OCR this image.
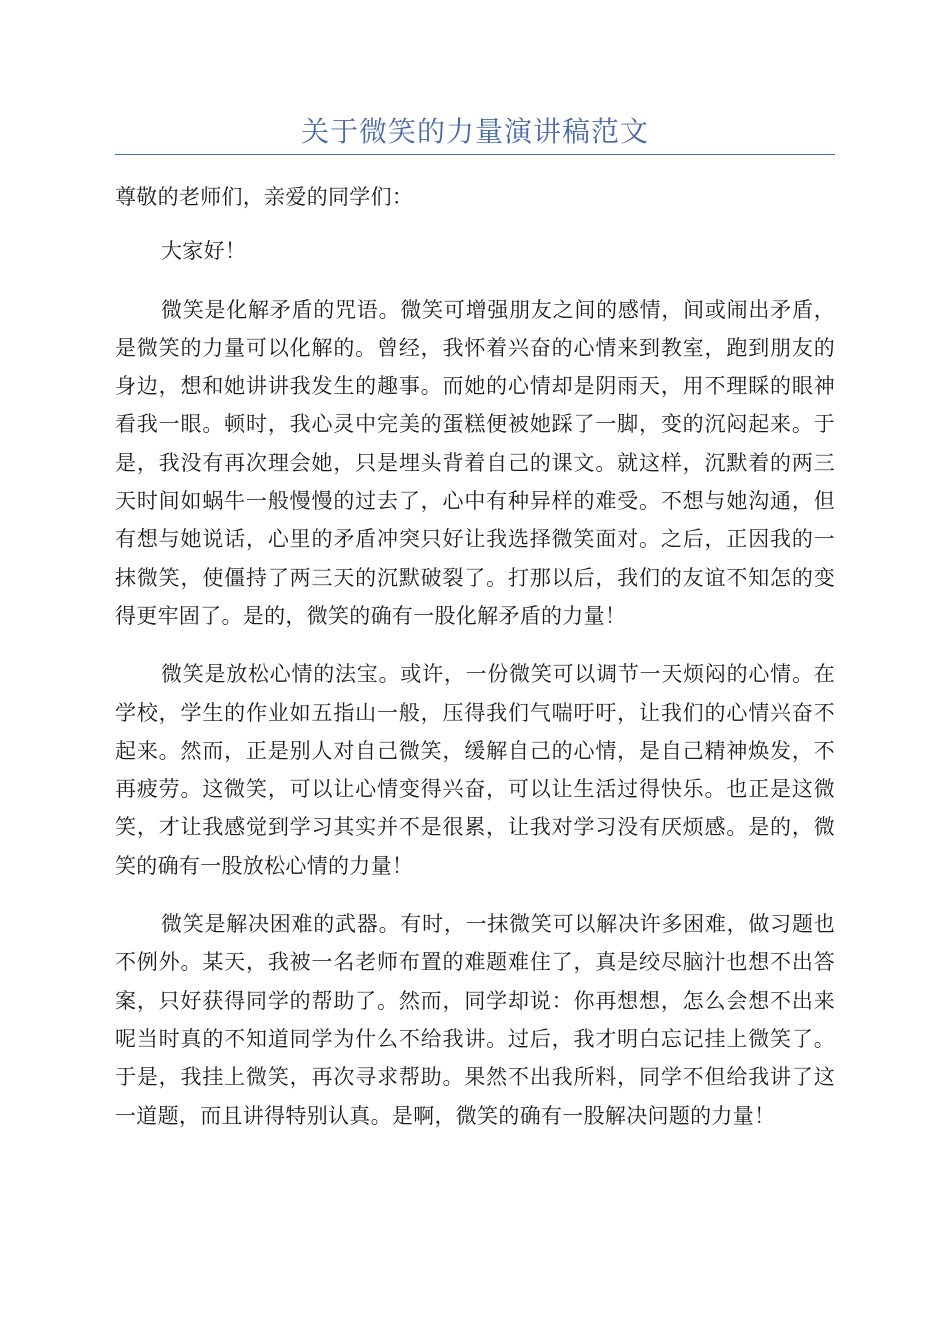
关于微笑的力量演讲稿范文

尊敬的老师们，亲爱的同学们：

大家好！

微笑是化解矛盾的咒语。微笑可增强朋友之间的感情，间或闹出矛盾，是微笑的力量可以化解的。曾经，我怀着兴奋的心情来到教室，跑到朋友的身边，想和她讲讲我发生的趣事。而她的心情却是阴雨天，用不理睬的眼神看我一眼。顿时，我心灵中完美的蛋糕便被她踩了一脚，变的沉闷起来。于是，我没有再次理会她，只是埋头背着自己的课文。就这样，沉默着的两三天时间如蜗牛一般慢慢的过去了，心中有种异样的难受。不想与她沟通，但有想与她说话，心里的矛盾冲突只好让我选择微笑面对。之后，正因我的一抹微笑，使僵持了两三天的沉默破裂了。打那以后，我们的友谊不知怎的变得更牢固了。是的，微笑的确有一股化解矛盾的力量！

微笑是放松心情的法宝。或许，一份微笑可以调节一天烦闷的心情。在学校，学生的作业如五指山一般，压得我们气喘吁吁，让我们的心情兴奋不起来。然而，正是别人对自己微笑，缓解自己的心情，是自己精神焕发，不再疲劳。这微笑，可以让心情变得兴奋，可以让生活过得快乐。也正是这微笑，才让我感觉到学习其实并不是很累，让我对学习没有厌烦感。是的，微笑的确有一股放松心情的力量！

微笑是解决困难的武器。有时，一抹微笑可以解决许多困难，做习题也不例外。某天，我被一名老师布置的难题难住了，真是绞尽脑汁也想不出答案，只好获得同学的帮助了。然而，同学却说：你再想想，怎么会想不出来呢当时真的不知道同学为什么不给我讲。过后，我才明白忘记挂上微笑了。于是，我挂上微笑，再次寻求帮助。果然不出我所料，同学不但给我讲了这一道题，而且讲得特别认真。是啊，微笑的确有一股解决问题的力量！
